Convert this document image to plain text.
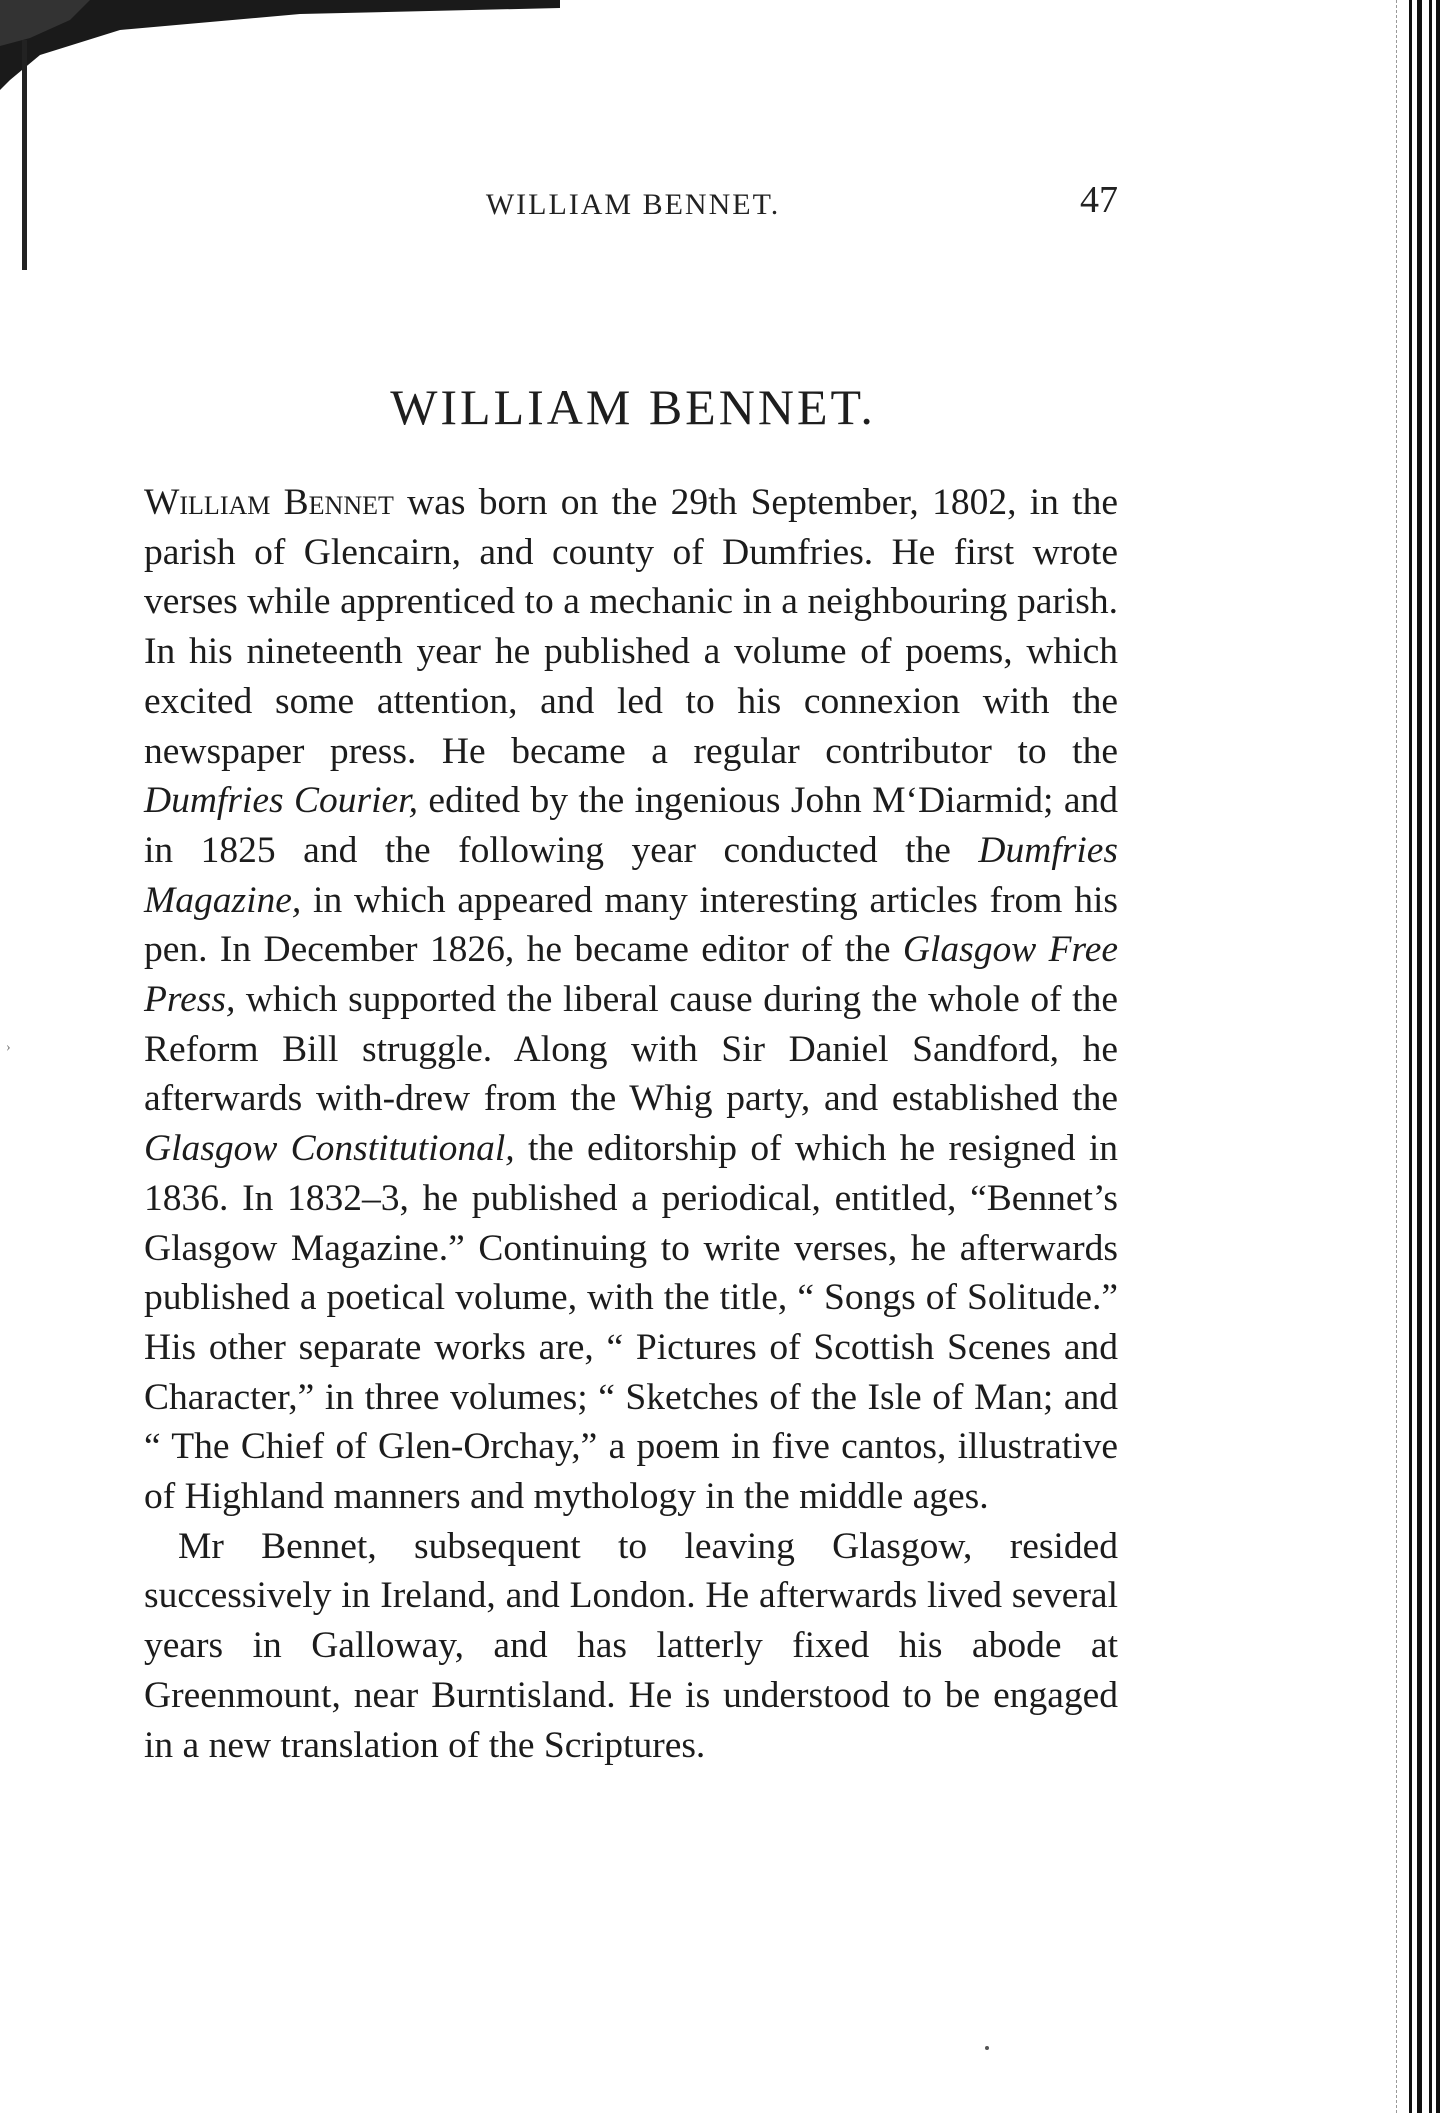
›
WILLIAM BENNET.	47
WILLIAM BENNET.

William Bennet was born on the 29th September, 1802, in the parish of Glencairn, and county of Dumfries. He first wrote verses while apprenticed to a mechanic in a neighbouring parish. In his nineteenth year he published a volume of poems, which excited some attention, and led to his connexion with the newspaper press. He became a regular contributor to the Dumfries Courier, edited by the ingenious John M‘Diarmid; and in 1825 and the following year conducted the Dumfries Magazine, in which appeared many interesting articles from his pen. In December 1826, he became editor of the Glasgow Free Press, which supported the liberal cause during the whole of the Reform Bill struggle. Along with Sir Daniel Sandford, he afterwards with-drew from the Whig party, and established the Glasgow Constitutional, the editorship of which he resigned in 1836. In 1832–3, he published a periodical, entitled, “Bennet’s Glasgow Magazine.” Continuing to write verses, he afterwards published a poetical volume, with the title, “ Songs of Solitude.” His other separate works are, “ Pictures of Scottish Scenes and Character,” in three volumes; “ Sketches of the Isle of Man; and “ The Chief of Glen-Orchay,” a poem in five cantos, illustrative of Highland manners and mythology in the middle ages.

Mr Bennet, subsequent to leaving Glasgow, resided successively in Ireland, and London. He afterwards lived several years in Galloway, and has latterly fixed his abode at Greenmount, near Burntisland. He is understood to be engaged in a new translation of the Scriptures.
